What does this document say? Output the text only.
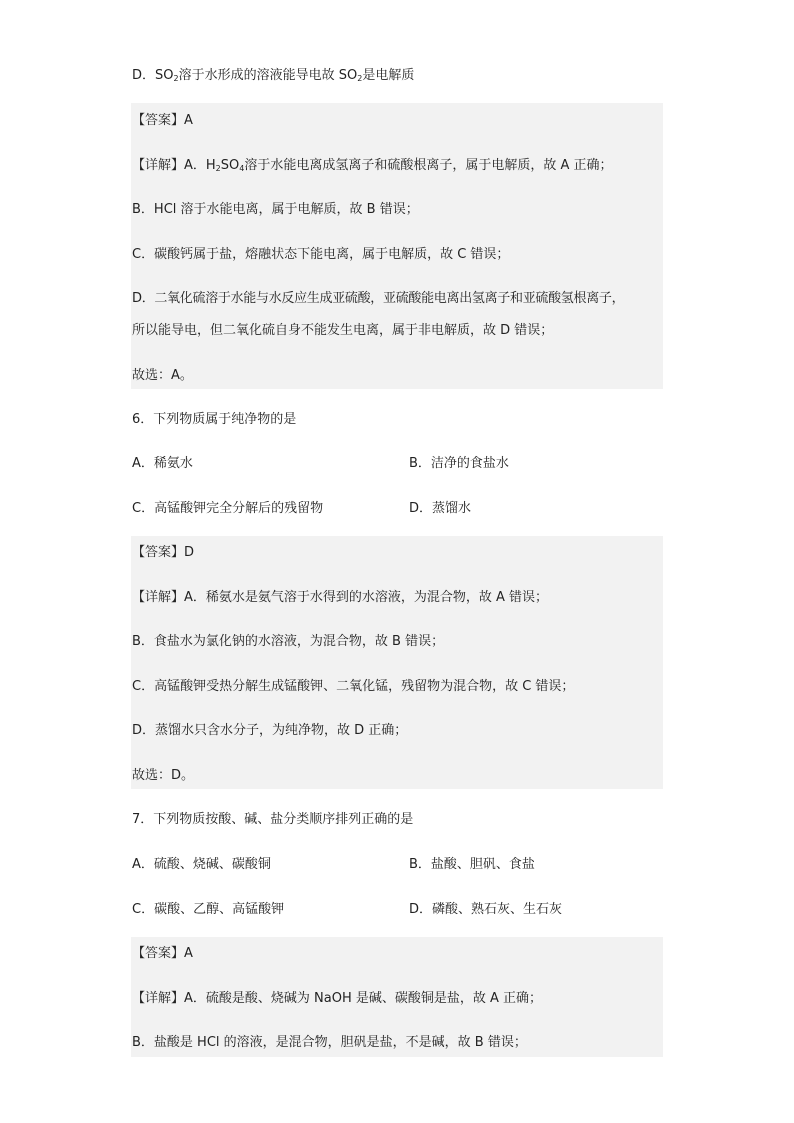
D．$SO_2$溶于水形成的溶液能导电故 $SO_2$是电解质
【答案】A
【详解】A．$H_2SO_4$溶于水能电离成氢离子和硫酸根离子，属于电解质，故 A 正确；
B．HCl 溶于水能电离，属于电解质，故 B 错误；
C．碳酸钙属于盐，熔融状态下能电离，属于电解质，故 C 错误；
D．二氧化硫溶于水能与水反应生成亚硫酸，亚硫酸能电离出氢离子和亚硫酸氢根离子，
所以能导电，但二氧化硫自身不能发生电离，属于非电解质，故 D 错误；
故选：A。
6．下列物质属于纯净物的是
A．稀氨水	B．洁净的食盐水
C．高锰酸钾完全分解后的残留物	D．蒸馏水
【答案】D
【详解】A．稀氨水是氨气溶于水得到的水溶液，为混合物，故 A 错误；
B．食盐水为氯化钠的水溶液，为混合物，故 B 错误；
C．高锰酸钾受热分解生成锰酸钾、二氧化锰，残留物为混合物，故 C 错误；
D．蒸馏水只含水分子，为纯净物，故 D 正确；
故选：D。
7．下列物质按酸、碱、盐分类顺序排列正确的是
A．硫酸、烧碱、碳酸铜	B．盐酸、胆矾、食盐
C．碳酸、乙醇、高锰酸钾	D．磷酸、熟石灰、生石灰
【答案】A
【详解】A．硫酸是酸、烧碱为 NaOH 是碱、碳酸铜是盐，故 A 正确；
B．盐酸是 HCl 的溶液，是混合物，胆矾是盐，不是碱，故 B 错误；
